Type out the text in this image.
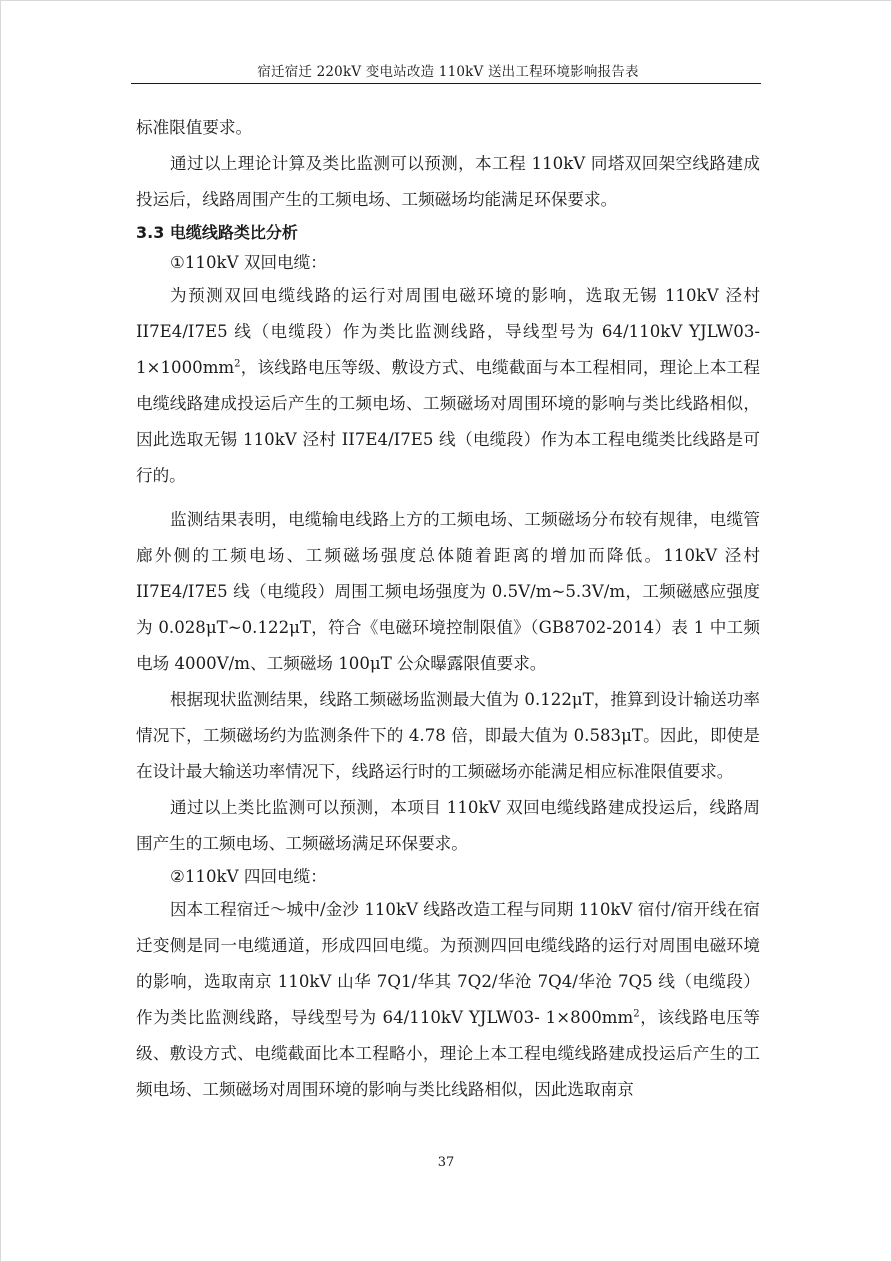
宿迁宿迁 220kV 变电站改造 110kV 送出工程环境影响报告表

标准限值要求。

通过以上理论计算及类比监测可以预测，本工程 110kV 同塔双回架空线路建成投运后，线路周围产生的工频电场、工频磁场均能满足环保要求。

3.3 电缆线路类比分析

①110kV 双回电缆：

为预测双回电缆线路的运行对周围电磁环境的影响，选取无锡 110kV 泾村 II7E4/I7E5 线（电缆段）作为类比监测线路，导线型号为 64/110kV $YJLW03-1\times 1000mm^2$，该线路电压等级、敷设方式、电缆截面与本工程相同，理论上本工程电缆线路建成投运后产生的工频电场、工频磁场对周围环境的影响与类比线路相似，因此选取无锡 110kV 泾村 II7E4/I7E5 线（电缆段）作为本工程电缆类比线路是可行的。

监测结果表明，电缆输电线路上方的工频电场、工频磁场分布较有规律，电缆管廊外侧的工频电场、工频磁场强度总体随着距离的增加而降低。110kV 泾村 II7E4/I7E5 线（电缆段）周围工频电场强度为 0.5V/m~5.3V/m，工频磁感应强度为 0.028μT~0.122μT，符合《电磁环境控制限值》（GB8702-2014）表 1 中工频电场 4000V/m、工频磁场 100μT 公众曝露限值要求。

根据现状监测结果，线路工频磁场监测最大值为 0.122μT，推算到设计输送功率情况下，工频磁场约为监测条件下的 4.78 倍，即最大值为 0.583μT。因此，即使是在设计最大输送功率情况下，线路运行时的工频磁场亦能满足相应标准限值要求。

通过以上类比监测可以预测，本项目 110kV 双回电缆线路建成投运后，线路周围产生的工频电场、工频磁场满足环保要求。

②110kV 四回电缆：

因本工程宿迁～城中/金沙 110kV 线路改造工程与同期 110kV 宿付/宿开线在宿迁变侧是同一电缆通道，形成四回电缆。为预测四回电缆线路的运行对周围电磁环境的影响，选取南京 110kV 山华 7Q1/华其 7Q2/华沧 7Q4/华沧 7Q5 线（电缆段）作为类比监测线路，导线型号为 64/110kV YJLW03- $1\times 800mm^2$，该线路电压等级、敷设方式、电缆截面比本工程略小，理论上本工程电缆线路建成投运后产生的工频电场、工频磁场对周围环境的影响与类比线路相似，因此选取南京

37
